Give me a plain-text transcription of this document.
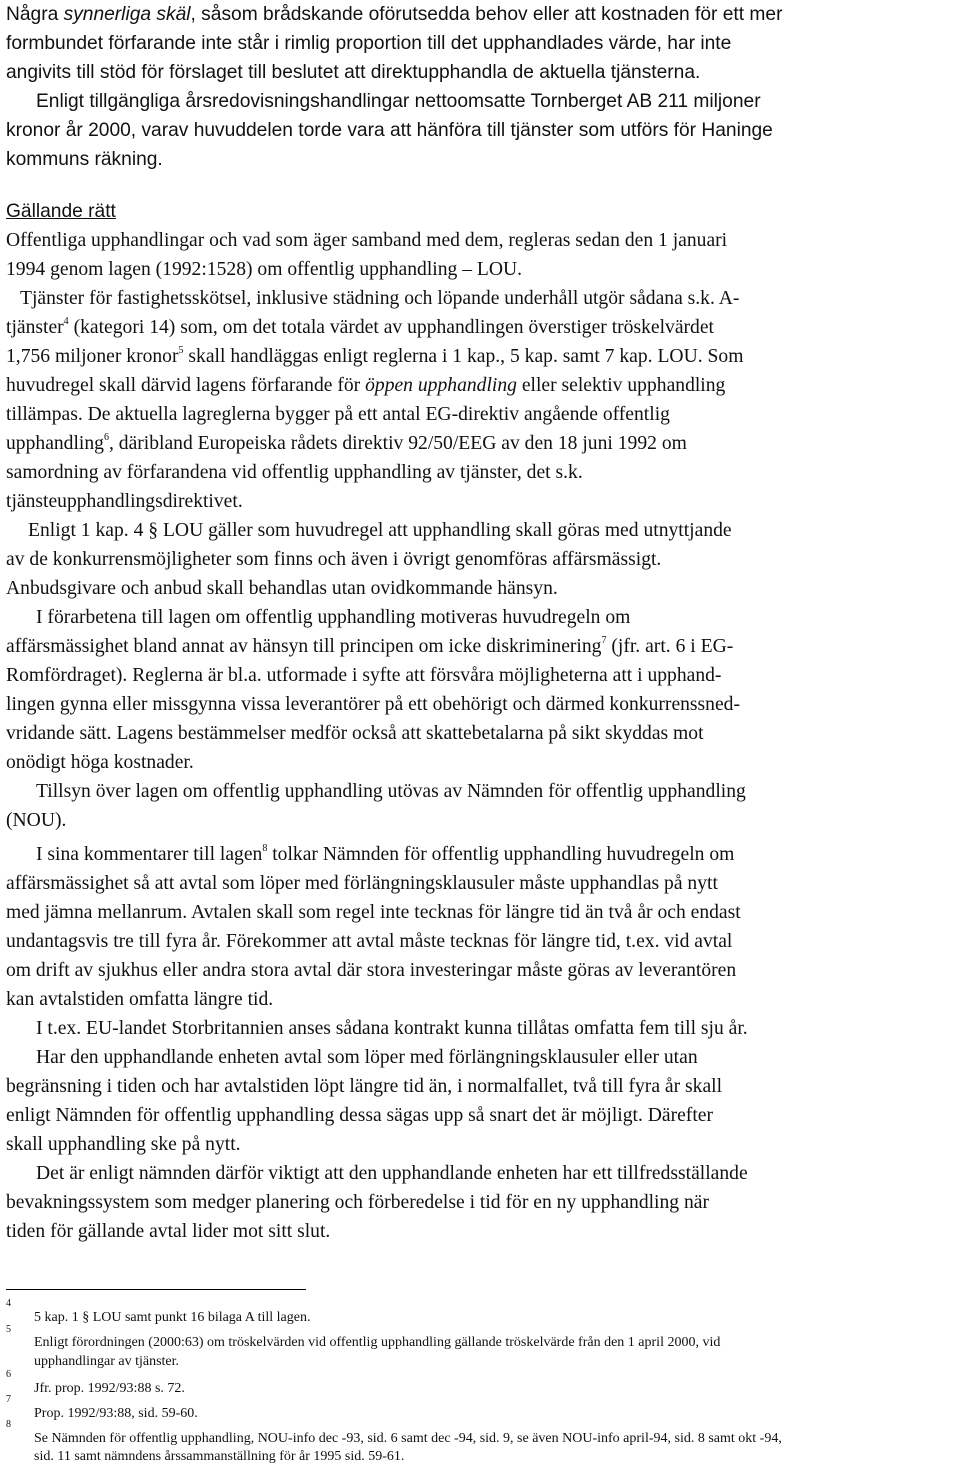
Några synnerliga skäl, såsom brådskande oförutsedda behov eller att kostnaden för ett mer
formbundet förfarande inte står i rimlig proportion till det upphandlades värde, har inte
angivits till stöd för förslaget till beslutet att direktupphandla de aktuella tjänsterna.
Enligt tillgängliga årsredovisningshandlingar nettoomsatte Tornberget AB 211 miljoner
kronor år 2000, varav huvuddelen torde vara att hänföra till tjänster som utförs för Haninge
kommuns räkning.
Gällande rätt
Offentliga upphandlingar och vad som äger samband med dem, regleras sedan den 1 januari
1994 genom lagen (1992:1528) om offentlig upphandling – LOU.
Tjänster för fastighetsskötsel, inklusive städning och löpande underhåll utgör sådana s.k. A-
tjänster$^4$ (kategori 14) som, om det totala värdet av upphandlingen överstiger tröskelvärdet
1,756 miljoner kronor$^5$ skall handläggas enligt reglerna i 1 kap., 5 kap. samt 7 kap. LOU. Som
huvudregel skall därvid lagens förfarande för öppen upphandling eller selektiv upphandling
tillämpas. De aktuella lagreglerna bygger på ett antal EG-direktiv angående offentlig
upphandling$^6$, däribland Europeiska rådets direktiv 92/50/EEG av den 18 juni 1992 om
samordning av förfarandena vid offentlig upphandling av tjänster, det s.k.
tjänsteupphandlingsdirektivet.
Enligt 1 kap. 4 § LOU gäller som huvudregel att upphandling skall göras med utnyttjande
av de konkurrensmöjligheter som finns och även i övrigt genomföras affärsmässigt.
Anbudsgivare och anbud skall behandlas utan ovidkommande hänsyn.
I förarbetena till lagen om offentlig upphandling motiveras huvudregeln om
affärsmässighet bland annat av hänsyn till principen om icke diskriminering$^7$ (jfr. art. 6 i EG-
Romfördraget). Reglerna är bl.a. utformade i syfte att försvåra möjligheterna att i upphand-
lingen gynna eller missgynna vissa leverantörer på ett obehörigt och därmed konkurrenssned-
vridande sätt. Lagens bestämmelser medför också att skattebetalarna på sikt skyddas mot
onödigt höga kostnader.
Tillsyn över lagen om offentlig upphandling utövas av Nämnden för offentlig upphandling
(NOU).
I sina kommentarer till lagen$^8$ tolkar Nämnden för offentlig upphandling huvudregeln om
affärsmässighet så att avtal som löper med förlängningsklausuler måste upphandlas på nytt
med jämna mellanrum. Avtalen skall som regel inte tecknas för längre tid än två år och endast
undantagsvis tre till fyra år. Förekommer att avtal måste tecknas för längre tid, t.ex. vid avtal
om drift av sjukhus eller andra stora avtal där stora investeringar måste göras av leverantören
kan avtalstiden omfatta längre tid.
I t.ex. EU-landet Storbritannien anses sådana kontrakt kunna tillåtas omfatta fem till sju år.
Har den upphandlande enheten avtal som löper med förlängningsklausuler eller utan
begränsning i tiden och har avtalstiden löpt längre tid än, i normalfallet, två till fyra år skall
enligt Nämnden för offentlig upphandling dessa sägas upp så snart det är möjligt. Därefter
skall upphandling ske på nytt.
Det är enligt nämnden därför viktigt att den upphandlande enheten har ett tillfredsställande
bevakningssystem som medger planering och förberedelse i tid för en ny upphandling när
tiden för gällande avtal lider mot sitt slut.
4
5 kap. 1 § LOU samt punkt 16 bilaga A till lagen.
5
Enligt förordningen (2000:63) om tröskelvärden vid offentlig upphandling gällande tröskelvärde från den 1 april 2000, vid
upphandlingar av tjänster.
6
Jfr. prop. 1992/93:88 s. 72.
7
Prop. 1992/93:88, sid. 59-60.
8
Se Nämnden för offentlig upphandling, NOU-info dec -93, sid. 6 samt dec -94, sid. 9, se även NOU-info april-94, sid. 8 samt okt -94,
sid. 11 samt nämndens årssammanställning för år 1995 sid. 59-61.
